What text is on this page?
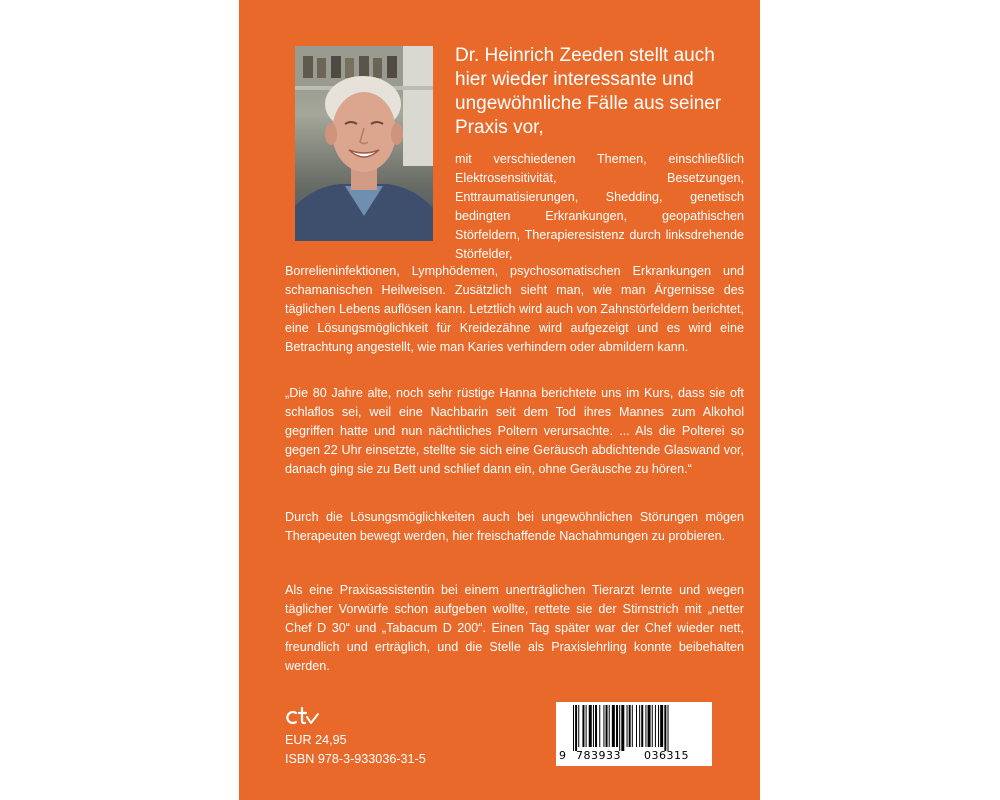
Dr. Heinrich Zeeden stellt auch hier wieder interessante und ungewöhnliche Fälle aus seiner Praxis vor,

mit verschiedenen Themen, einschließlich Elektrosensitivität, Besetzungen, Enttraumatisierungen, Shedding, genetisch bedingten Erkrankungen, geopathischen Störfeldern, Therapieresistenz durch linksdrehende Störfelder,

Borrelieninfektionen, Lymphödemen, psychosomatischen Erkrankungen und schamanischen Heilweisen. Zusätzlich sieht man, wie man Ärgernisse des täglichen Lebens auflösen kann. Letztlich wird auch von Zahnstörfeldern berichtet, eine Lösungsmöglichkeit für Kreidezähne wird aufgezeigt und es wird eine Betrachtung angestellt, wie man Karies verhindern oder abmildern kann.

„Die 80 Jahre alte, noch sehr rüstige Hanna berichtete uns im Kurs, dass sie oft schlaflos sei, weil eine Nachbarin seit dem Tod ihres Mannes zum Alkohol gegriffen hatte und nun nächtliches Poltern verursachte. ... Als die Polterei so gegen 22 Uhr einsetzte, stellte sie sich eine Geräusch abdichtende Glaswand vor, danach ging sie zu Bett und schlief dann ein, ohne Geräusche zu hören.“

Durch die Lösungsmöglichkeiten auch bei ungewöhnlichen Störungen mögen Therapeuten bewegt werden, hier freischaffende Nachahmungen zu probieren.

Als eine Praxisassistentin bei einem unerträglichen Tierarzt lernte und wegen täglicher Vorwürfe schon aufgeben wollte, rettete sie der Stirnstrich mit „netter Chef D 30“ und „Tabacum D 200“. Einen Tag später war der Chef wieder nett, freundlich und erträglich, und die Stelle als Praxislehrling konnte beibehalten werden.

EUR 24,95
ISBN 978-3-933036-31-5	9 783933 036315
